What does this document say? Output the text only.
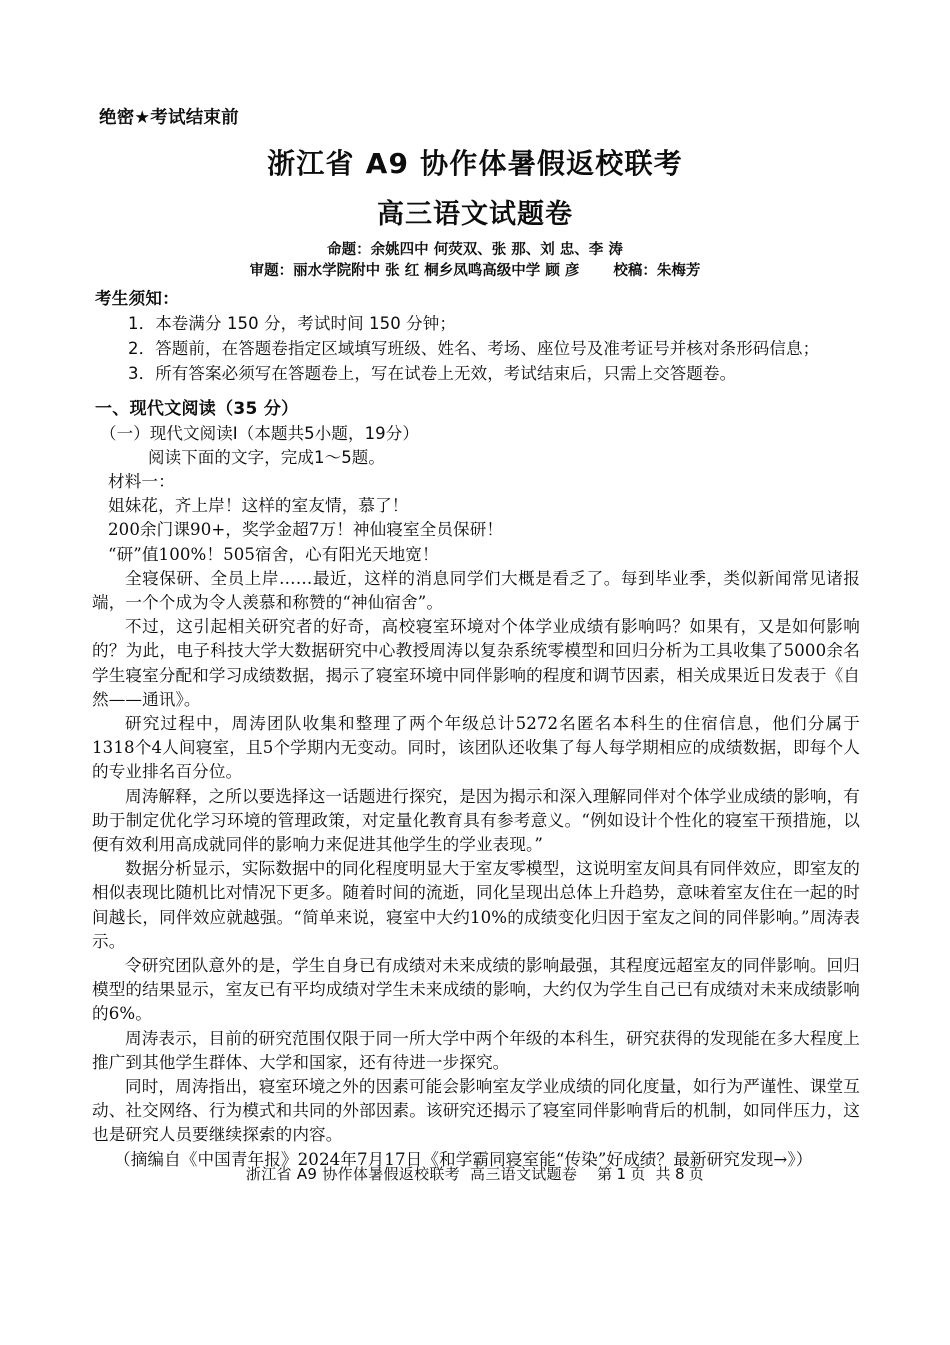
绝密★考试结束前
浙江省 A9 协作体暑假返校联考
高三语文试题卷
命题：余姚四中 何荧双、张 那、刘 忠、李 涛
审题：丽水学院附中 张 红 桐乡凤鸣高级中学 顾 彦 校稿：朱梅芳
考生须知：
1．本卷满分 150 分，考试时间 150 分钟；
2．答题前，在答题卷指定区域填写班级、姓名、考场、座位号及准考证号并核对条形码信息；
3．所有答案必须写在答题卷上，写在试卷上无效，考试结束后，只需上交答题卷。
一、现代文阅读（35 分）
（一）现代文阅读Ⅰ（本题共5小题，19分）
阅读下面的文字，完成1～5题。
材料一：
姐妹花，齐上岸！这样的室友情，慕了！
200余门课90+，奖学金超7万！神仙寝室全员保研！
“研”值100%！505宿舍，心有阳光天地宽！

全寝保研、全员上岸……最近，这样的消息同学们大概是看乏了。每到毕业季，类似新闻常见诸报端，一个个成为令人羡慕和称赞的“神仙宿舍”。

不过，这引起相关研究者的好奇，高校寝室环境对个体学业成绩有影响吗？如果有，又是如何影响的？为此，电子科技大学大数据研究中心教授周涛以复杂系统零模型和回归分析为工具收集了5000余名学生寝室分配和学习成绩数据，揭示了寝室环境中同伴影响的程度和调节因素，相关成果近日发表于《自然——通讯》。

研究过程中，周涛团队收集和整理了两个年级总计5272名匿名本科生的住宿信息，他们分属于1318个4人间寝室，且5个学期内无变动。同时，该团队还收集了每人每学期相应的成绩数据，即每个人的专业排名百分位。

周涛解释，之所以要选择这一话题进行探究，是因为揭示和深入理解同伴对个体学业成绩的影响，有助于制定优化学习环境的管理政策，对定量化教育具有参考意义。“例如设计个性化的寝室干预措施，以便有效利用高成就同伴的影响力来促进其他学生的学业表现。”

数据分析显示，实际数据中的同化程度明显大于室友零模型，这说明室友间具有同伴效应，即室友的相似表现比随机比对情况下更多。随着时间的流逝，同化呈现出总体上升趋势，意味着室友住在一起的时间越长，同伴效应就越强。“简单来说，寝室中大约10%的成绩变化归因于室友之间的同伴影响。”周涛表示。

令研究团队意外的是，学生自身已有成绩对未来成绩的影响最强，其程度远超室友的同伴影响。回归模型的结果显示，室友已有平均成绩对学生未来成绩的影响，大约仅为学生自己已有成绩对未来成绩影响的6%。

周涛表示，目前的研究范围仅限于同一所大学中两个年级的本科生，研究获得的发现能在多大程度上推广到其他学生群体、大学和国家，还有待进一步探究。

同时，周涛指出，寝室环境之外的因素可能会影响室友学业成绩的同化度量，如行为严谨性、课堂互动、社交网络、行为模式和共同的外部因素。该研究还揭示了寝室同伴影响背后的机制，如同伴压力，这也是研究人员要继续探索的内容。

（摘编自《中国青年报》2024年7月17日《和学霸同寝室能“传染”好成绩？最新研究发现→》）

浙江省 A9 协作体暑假返校联考 高三语文试题卷 第 1 页 共 8 页
